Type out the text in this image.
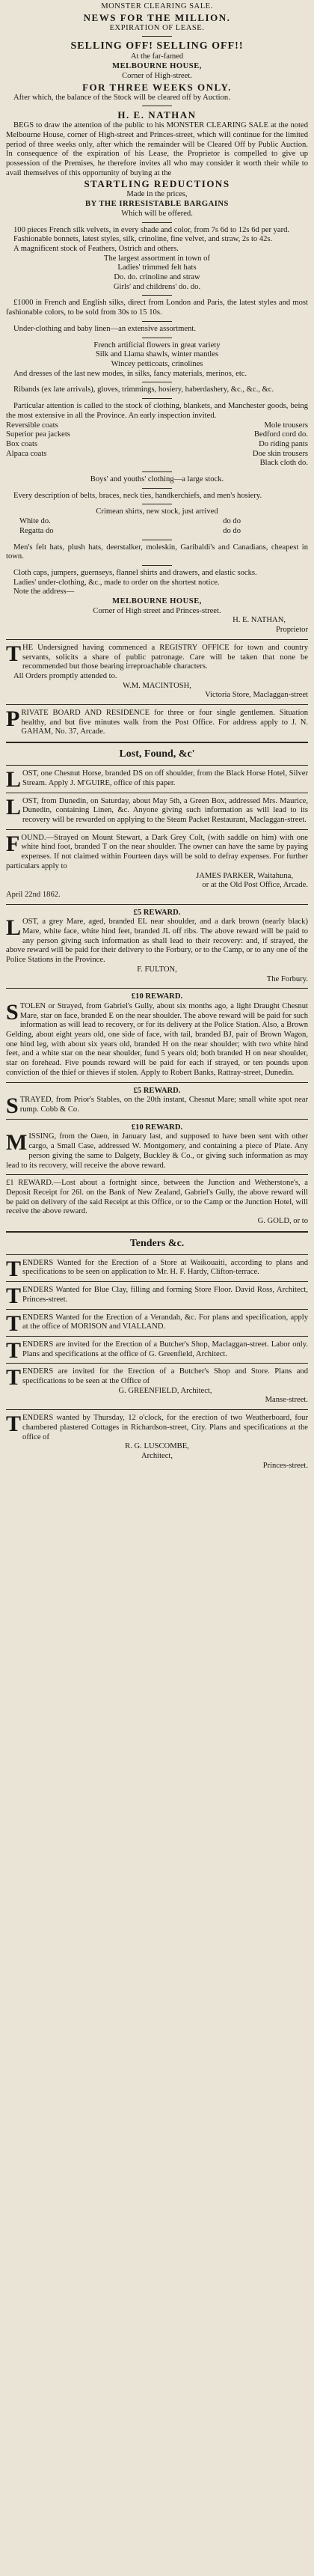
MONSTER CLEARING SALE.
NEWS FOR THE MILLION.
EXPIRATION OF LEASE.
SELLING OFF! SELLING OFF!!
At the far-famed
MELBOURNE HOUSE,
Corner of High-street.
FOR THREE WEEKS ONLY.
After which, the balance of the Stock will be cleared off by Auction.
H. E. NATHAN
BEGS to draw the attention of the public to his MONSTER CLEARING SALE at the noted Melbourne House, corner of High-street and Princes-street, which will continue for the limited period of three weeks only, after which the remainder will be Cleared Off by Public Auction. In consequence of the expiration of his Lease, the Proprietor is compelled to give up possession of the Premises, he therefore invites all who may consider it worth their while to avail themselves of this opportunity of buying at the
STARTLING REDUCTIONS
Made in the prices,
BY THE IRRESISTABLE BARGAINS
Which will be offered.
100 pieces French silk velvets, in every shade and color, from 7s 6d to 12s 6d per yard.
Fashionable bonnets, latest styles, silk, crinoline, fine velvet, and straw, 2s to 42s.
A magnificent stock of Feathers, Ostrich and others.
The largest assortment in town of
Ladies' trimmed felt hats
Do. do. crinoline and straw
Girls' and childrens' do. do.
£1000 in French and English silks, direct from London and Paris, the latest styles and most fashionable colors, to be sold from 30s to 15 10s.
Under-clothing and baby linen—an extensive assortment.
French artificial flowers in great variety
Silk and Llama shawls, winter mantles
Wincey petticoats, crinolines
And dresses of the last new modes, in silks, fancy materials, merinos, etc.
Ribands (ex late arrivals), gloves, trimmings, hosiery, haberdashery, &c., &c., &c.
Particular attention is called to the stock of clothing, blankets, and Manchester goods, being the most extensive in all the Province. An early inspection invited.
Reversible coats	Mole trousers
Superior pea jackets	Bedford cord do.
Box coats	Do riding pants
Alpaca coats	Doe skin trousers
Black cloth do.
Boys' and youths' clothing—a large stock.
Every description of belts, braces, neck ties, handkerchiefs, and men's hosiery.
Crimean shirts, new stock, just arrived
White do.	do do
Regatta do	do do
Men's felt hats, plush hats, deerstalker, moleskin, Garibaldi's and Canadians, cheapest in town.
Cloth caps, jumpers, guernseys, flannel shirts and drawers, and elastic socks.
Ladies' under-clothing, &c., made to order on the shortest notice.
Note the address—
MELBOURNE HOUSE,
Corner of High street and Princes-street.
H. E. NATHAN,
Proprietor
THE Undersigned having commenced a REGISTRY OFFICE for town and country servants, solicits a share of public patronage. Care will be taken that none be recommended but those bearing irreproachable characters.
All Orders promptly attended to.
W.M. MACINTOSH,
Victoria Store, Maclaggan-street
PRIVATE BOARD AND RESIDENCE for three or four single gentlemen. Situation healthy, and but five minutes walk from the Post Office. For address apply to J. N. GAHAM, No. 37, Arcade.
Lost, Found, &c'
LOST, one Chesnut Horse, branded DS on off shoulder, from the Black Horse Hotel, Silver Stream. Apply J. M'GUIRE, office of this paper.
LOST, from Dunedin, on Saturday, about May 5th, a Green Box, addressed Mrs. Maurice, Dunedin, containing Linen, &c. Anyone giving such information as will lead to its recovery will be rewarded on applying to the Steam Packet Restaurant, Maclaggan-street.
FOUND.—Strayed on Mount Stewart, a Dark Grey Colt, (with saddle on him) with one white hind foot, branded T on the near shoulder. The owner can have the same by paying expenses. If not claimed within Fourteen days will be sold to defray expenses. For further particulars apply to
JAMES PARKER, Waitahuna,
or at the Old Post Office, Arcade.
April 22nd 1862.
£5 REWARD.
LOST, a grey Mare, aged, branded EL near shoulder, and a dark brown (nearly black) Mare, white face, white hind feet, branded JL off ribs. The above reward will be paid to any person giving such information as shall lead to their recovery: and, if strayed, the above reward will be paid for their delivery to the Forbury, or to the Camp, or to any one of the Police Stations in the Province.
F. FULTON,
The Forbury.
£10 REWARD.
STOLEN or Strayed, from Gabriel's Gully, about six months ago, a light Draught Chesnut Mare, star on face, branded E on the near shoulder. The above reward will be paid for such information as will lead to recovery, or for its delivery at the Police Station. Also, a Brown Gelding, about eight years old, one side of face, with tail, branded BJ, pair of Brown Wagon, one hind leg, with about six years old, branded H on the near shoulder; with two white hind feet, and a white star on the near shoulder, fund 5 years old; both branded H on near shoulder, star on forehead. Five pounds reward will be paid for each if strayed, or ten pounds upon conviction of the thief or thieves if stolen. Apply to Robert Banks, Rattray-street, Dunedin.
£5 REWARD.
STRAYED, from Prior's Stables, on the 20th instant, Chesnut Mare; small white spot near rump. Cobb & Co.
£10 REWARD.
MISSING, from the Oaeo, in January last, and supposed to have been sent with other cargo, a Small Case, addressed W. Montgomery, and containing a piece of Plate. Any person giving the same to Dalgety, Buckley & Co., or giving such information as may lead to its recovery, will receive the above reward.
£1 REWARD.—Lost about a fortnight since, between the Junction and Wetherstone's, a Deposit Receipt for 26l. on the Bank of New Zealand, Gabriel's Gully, the above reward will be paid on delivery of the said Receipt at this Office, or to the Camp or the Junction Hotel, will receive the above reward.
G. GOLD, or to
Tenders &c.
TENDERS Wanted for the Erection of a Store at Waikouaiti, according to plans and specifications to be seen on application to Mr. H. F. Hardy, Clifton-terrace.
TENDERS Wanted for Blue Clay, filling and forming Store Floor. David Ross, Architect, Princes-street.
TENDERS Wanted for the Erection of a Verandah, &c. For plans and specification, apply at the office of MORISON and VIALLAND.
TENDERS are invited for the Erection of a Butcher's Shop, Maclaggan-street. Labor only. Plans and specifications at the office of G. Greenfield, Architect.
TENDERS are invited for the Erection of a Butcher's Shop and Store. Plans and specifications to be seen at the Office of
G. GREENFIELD, Architect,
Manse-street.
TENDERS wanted by Thursday, 12 o'clock, for the erection of two Weatherboard, four chambered plastered Cottages in Richardson-street, City. Plans and specifications at the office of
R. G. LUSCOMBE,
Architect,
Princes-street.
